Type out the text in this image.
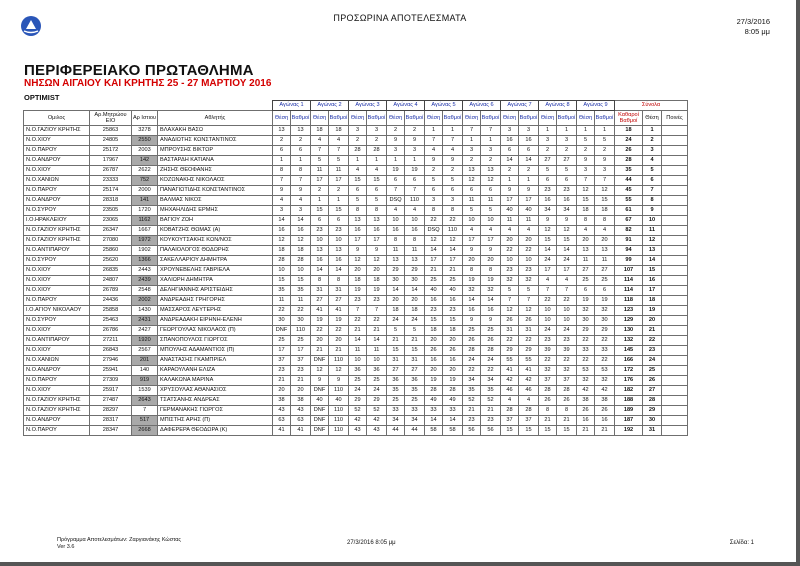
ΠΡΟΣΩΡΙΝΑ ΑΠΟΤΕΛΕΣΜΑΤΑ	27/3/2016
8:05 μμ
ΠΕΡΙΦΕΡΕΙΑΚΟ ΠΡΩΤΑΘΛΗΜΑ
ΝΗΣΩΝ ΑΙΓΑΙΟΥ ΚΑΙ ΚΡΗΤΗΣ 25 - 27 ΜΑΡΤΙΟΥ 2016
OPTIMIST
				Αγώνας 1		Αγώνας 2		Αγώνας 3		Αγώνας 4		Αγώνας 5		Αγώνας 6		Αγώνας 7		Αγώνας 8		Αγώνας 9		Σύνολα		
Ομιλος	Αρ.Μητρώου ΕΙΟ	Αρ Ιστιου	Αθλητής	Θέση	Βαθμοί	Θέση	Βαθμοί	Θέση	Βαθμοί	Θέση	Βαθμοί	Θέση	Βαθμοί	Θέση	Βαθμοί	Θέση	Βαθμοί	Θέση	Βαθμοί	Θέση	Βαθμοί	Καθαροί Βαθμοί	Θέση	Ποινές
Ν.Ο.ΓΑΖΙΟΥ ΚΡΗΤΗΣ	25863	3278	ΒΛΑΧΑΚΗ ΒΑΣΩ	13	13	18	18	3	3	2	2	1	1	7	7	3	3	1	1	1	1	18	1	
Ν.Ο.ΧΙΟΥ	24805	2550	ΑΝΑΔΙΩΤΗΣ ΚΩΝΣΤΑΝΤΙΝΟΣ	2	2	4	4	2	2	9	9	7	7	1	1	16	16	3	3	5	5	24	2	
Ν.Ο.ΠΑΡΟΥ	25172	2003	ΜΠΡΟΥΣΗΣ ΒΙΚΤΩΡ	6	6	7	7	28	28	3	3	4	4	3	3	6	6	2	2	2	2	26	3	
Ν.Ο.ΑΝΔΡΟΥ	17967	142	ΒΑΣΤΑΡΔΗ ΚΑΤΙΑΝΑ	1	1	5	5	1	1	1	1	9	9	2	2	14	14	27	27	9	9	28	4	
Ν.Ο.ΧΙΟΥ	26787	2622	ΖΗΣΗΣ ΘΕΟΦΑΝΗΣ	8	8	11	11	4	4	19	19	2	2	13	13	2	2	5	5	3	3	35	5	
Ν.Ο.ΧΑΝΙΩΝ	23333	752	ΚΟΖΩΝΑΚΗΣ ΝΙΚΟΛΑΟΣ	7	7	17	17	15	15	6	6	5	5	12	12	1	1	6	6	7	7	44	6	
Ν.Ο.ΠΑΡΟΥ	25174	2000	ΠΑΝΑΓΙΩΤΙΔΗΣ ΚΩΝΣΤΑΝΤΙΝΟΣ	9	9	2	2	6	6	7	7	6	6	6	6	9	9	23	23	12	12	45	7	
Ν.Ο.ΑΝΔΡΟΥ	28318	141	ΒΑΛΜΑΣ ΝΙΚΟΣ	4	4	1	1	5	5	DSQ	110	3	3	11	11	17	17	16	16	15	15	55	8	
Ν.Ο.ΣΥΡΟΥ	23505	1720	ΜΗΧΑΗΛΙΔΗΣ ΕΡΜΗΣ	3	3	15	15	8	8	4	4	8	8	5	5	40	40	34	34	18	18	61	9	
Ι.Ο.ΗΡΑΚΛΕΙΟΥ	23065	1162	ΒΑΓΙΟΥ ΖΩΗ	14	14	6	6	13	13	10	10	22	22	10	10	11	11	9	9	8	8	67	10	
Ν.Ο.ΓΑΖΙΟΥ ΚΡΗΤΗΣ	26347	1667	ΚΟΒΑΤΖΗΣ ΘΩΜΑΣ (Α)	16	16	23	23	16	16	16	16	DSQ	110	4	4	4	4	12	12	4	4	82	11	
Ν.Ο.ΓΑΖΙΟΥ ΚΡΗΤΗΣ	27080	1972	ΚΟΥΚΟΥΤΣΑΚΗΣ ΚΩΝ/ΝΟΣ	12	12	10	10	17	17	8	8	12	12	17	17	20	20	15	15	20	20	91	12	
Ν.Ο.ΑΝΤΙΠΑΡΟΥ	25860	1902	ΠΑΛΑΙΟΛΟΓΟΣ ΘΩΔΩΡΗΣ	18	18	13	13	9	9	11	11	14	14	9	9	22	22	14	14	13	13	94	13	
Ν.Ο.ΣΥΡΟΥ	25620	1366	ΣΑΚΕΛΛΑΡΙΟΥ ΔΗΜΗΤΡΑ	28	28	16	16	12	12	13	13	17	17	20	20	10	10	24	24	11	11	99	14	
Ν.Ο.ΧΙΟΥ	26835	2443	ΧΡΟΥΝΕΒΕΛΗΣ ΓΑΒΡΙΕΛΑ	10	10	14	14	20	20	29	29	21	21	8	8	23	23	17	17	27	27	107	15	
Ν.Ο.ΧΙΟΥ	24807	2439	ΧΑΛΙΩΡΗ ΔΗΜΗΤΡΑ	15	15	8	8	18	18	30	30	25	25	19	19	32	32	4	4	25	25	114	16	
Ν.Ο.ΧΙΟΥ	26789	2548	ΔΕΛΗΓΙΑΝΝΗΣ ΑΡΙΣΤΕΙΔΗΣ	35	35	31	31	19	19	14	14	40	40	32	32	5	5	7	7	6	6	114	17	
Ν.Ο.ΠΑΡΟΥ	24436	2002	ΑΝΔΡΕΑΔΗΣ ΓΡΗΓΟΡΗΣ	11	11	27	27	23	23	20	20	16	16	14	14	7	7	22	22	19	19	118	18	
Ι.Ο.ΑΓΙΟΥ ΝΙΚΟΛΑΟΥ	25858	1430	ΜΑΣΣΑΡΟΣ ΛΕΥΤΕΡΗΣ	22	22	41	41	7	7	18	18	23	23	16	16	12	12	10	10	32	32	123	19	
Ν.Ο.ΣΥΡΟΥ	25463	2431	ΑΝΔΡΕΑΔΑΚΗ ΕΙΡΗΝΗ-ΕΛΕΝΗ	30	30	19	19	22	22	24	24	15	15	9	9	26	26	10	10	30	30	129	20	
Ν.Ο.ΧΙΟΥ	26786	2427	ΓΕΩΡΓΟΥΛΑΣ ΝΙΚΟΛΑΟΣ (Π)	DNF	110	22	22	21	21	5	5	18	18	25	25	31	31	24	24	29	29	130	21	
Ν.Ο.ΑΝΤΙΠΑΡΟΥ	27211	1920	ΣΠΑΝΟΠΟΥΛΟΣ ΓΙΩΡΓΟΣ	25	25	20	20	14	14	21	21	20	20	26	26	22	22	23	23	22	22	132	22	
Ν.Ο.ΧΙΟΥ	26843	2567	ΜΠΟΥΛΗΣ ΑΔΑΜΑΝΤΙΟΣ (Π)	17	17	21	21	11	11	15	15	26	26	28	28	29	29	39	39	33	33	145	23	
Ν.Ο.ΧΑΝΙΩΝ	27946	201	ΑΝΑΣΤΑΣΗΣ ΓΚΑΜΠΡΙΕΛ	37	37	DNF	110	10	10	31	31	16	16	24	24	55	55	22	22	22	22	166	24	
Ν.Ο.ΑΝΔΡΟΥ	25941	140	ΚΑΡΑΟΥΛΑΝΗ ΕΛΙΖΑ	23	23	12	12	36	36	27	27	20	20	22	22	41	41	32	32	53	53	172	25	
Ν.Ο.ΠΑΡΟΥ	27309	919	ΚΑΛΑΚΩΝΑ ΜΑΡΙΝΑ	21	21	9	9	25	25	36	36	19	19	34	34	42	42	37	37	32	32	176	26	
Ν.Ο.ΧΙΟΥ	25917	1539	ΧΡΥΣΟΥΛΑΣ ΑΘΑΝΑΣΙΟΣ	20	20	DNF	110	24	24	35	35	28	28	35	35	46	46	28	28	42	42	182	27	
Ν.Ο.ΓΑΖΙΟΥ ΚΡΗΤΗΣ	27487	2643	ΤΣΑΤΣΑΝΗΣ ΑΝΔΡΕΑΣ	38	38	40	40	29	29	25	25	49	49	52	52	4	4	26	26	38	38	188	28	
Ν.Ο.ΓΑΖΙΟΥ ΚΡΗΤΗΣ	28297	7	ΓΕΡΜΑΝΑΚΗΣ ΓΙΩΡΓΟΣ	43	43	DNF	110	52	52	33	33	33	33	21	21	28	28	8	8	26	26	189	29	
Ν.Ο.ΑΝΔΡΟΥ	28317	517	ΜΠΙΣΤΗΣ ΑΡΗΣ (Π)	63	63	DNF	110	42	42	34	34	14	14	23	23	37	37	21	21	16	16	187	30	
Ν.Ο.ΠΑΡΟΥ	28347	2668	ΔΑΦΕΡΕΡΑ ΘΕΟΔΩΡΑ (Κ)	41	41	DNF	110	43	43	44	44	58	58	56	56	15	15	15	15	21	21	192	31	
Πρόγραμμα Αποτελεσμάτων: Ζαργιανάκης Κώστας
Ver 3.6
27/3/2016 8:05 μμ	Σελίδα: 1
